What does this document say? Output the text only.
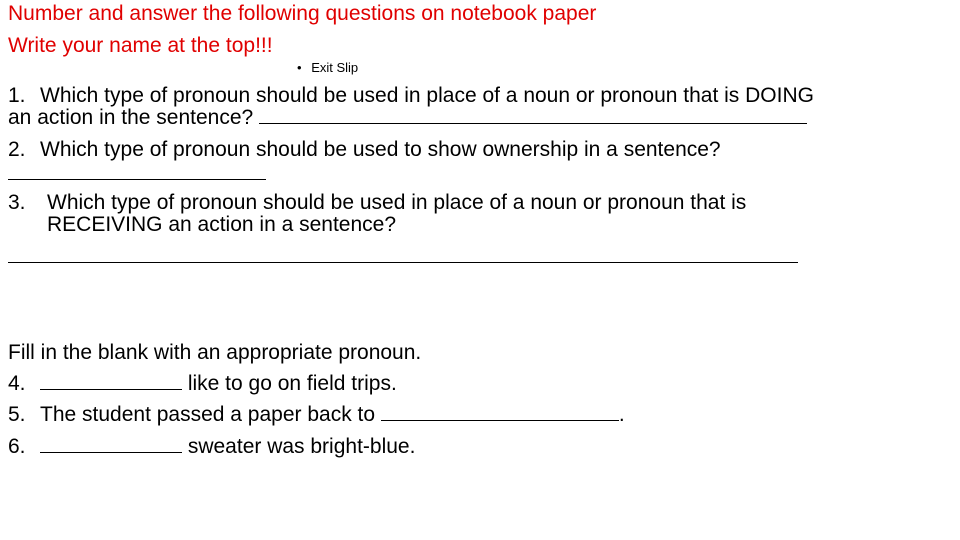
Number and answer the following questions on notebook paper
Write your name at the top!!!
• Exit Slip
1. Which type of pronoun should be used in place of a noun or pronoun that is DOING
an action in the sentence?
2. Which type of pronoun should be used to show ownership in a sentence?
3. Which type of pronoun should be used in place of a noun or pronoun that is
RECEIVING an action in a sentence?
Fill in the blank with an appropriate pronoun.
4.	like to go on field trips.
5. The student passed a paper back to	.
6.	sweater was bright-blue.
